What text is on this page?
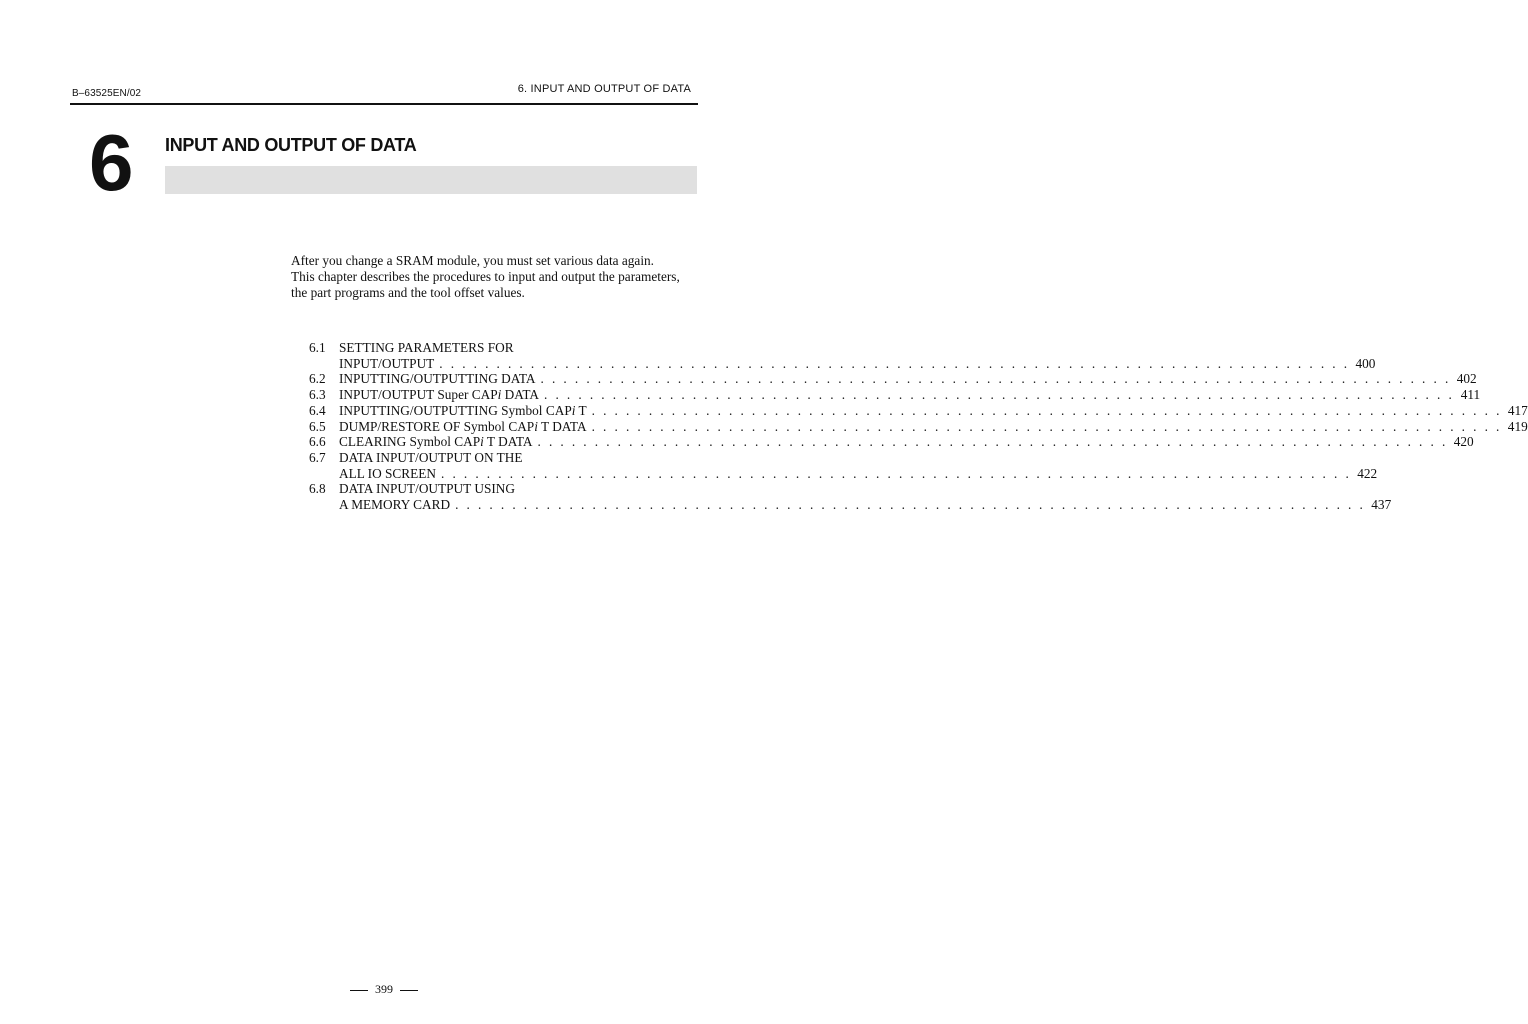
B–63525EN/02	6. INPUT AND OUTPUT OF DATA
6 INPUT AND OUTPUT OF DATA

After you change a SRAM module, you must set various data again.

This chapter describes the procedures to input and output the parameters,

the part programs and the tool offset values.

6.1	SETTING PARAMETERS FOR
INPUT/OUTPUT . . . . . . . . . . . . . . . . . . . . . . . . . . . . . . . . . . . . . . . . . . . . . . . . . . . . . . . . . . . . . . . . . . . . . . . . . . . . . . . . 400
6.2	INPUTTING/OUTPUTTING DATA . . . . . . . . . . . . . . . . . . . . . . . . . . . . . . . . . . . . . . . . . . . . . . . . . . . . . . . . . . . . . . . . . . . . . . . . . . . . . . . . 402
6.3	INPUT/OUTPUT Super CAPi DATA . . . . . . . . . . . . . . . . . . . . . . . . . . . . . . . . . . . . . . . . . . . . . . . . . . . . . . . . . . . . . . . . . . . . . . . . . . . . . . . . 411
6.4	INPUTTING/OUTPUTTING Symbol CAPi T . . . . . . . . . . . . . . . . . . . . . . . . . . . . . . . . . . . . . . . . . . . . . . . . . . . . . . . . . . . . . . . . . . . . . . . . . . . . . . . . 417
6.5	DUMP/RESTORE OF Symbol CAPi T DATA . . . . . . . . . . . . . . . . . . . . . . . . . . . . . . . . . . . . . . . . . . . . . . . . . . . . . . . . . . . . . . . . . . . . . . . . . . . . . . . . 419
6.6	CLEARING Symbol CAPi T DATA . . . . . . . . . . . . . . . . . . . . . . . . . . . . . . . . . . . . . . . . . . . . . . . . . . . . . . . . . . . . . . . . . . . . . . . . . . . . . . . . 420
6.7	DATA INPUT/OUTPUT ON THE
ALL IO SCREEN . . . . . . . . . . . . . . . . . . . . . . . . . . . . . . . . . . . . . . . . . . . . . . . . . . . . . . . . . . . . . . . . . . . . . . . . . . . . . . . . 422
6.8	DATA INPUT/OUTPUT USING
A MEMORY CARD . . . . . . . . . . . . . . . . . . . . . . . . . . . . . . . . . . . . . . . . . . . . . . . . . . . . . . . . . . . . . . . . . . . . . . . . . . . . . . . . 437
399
